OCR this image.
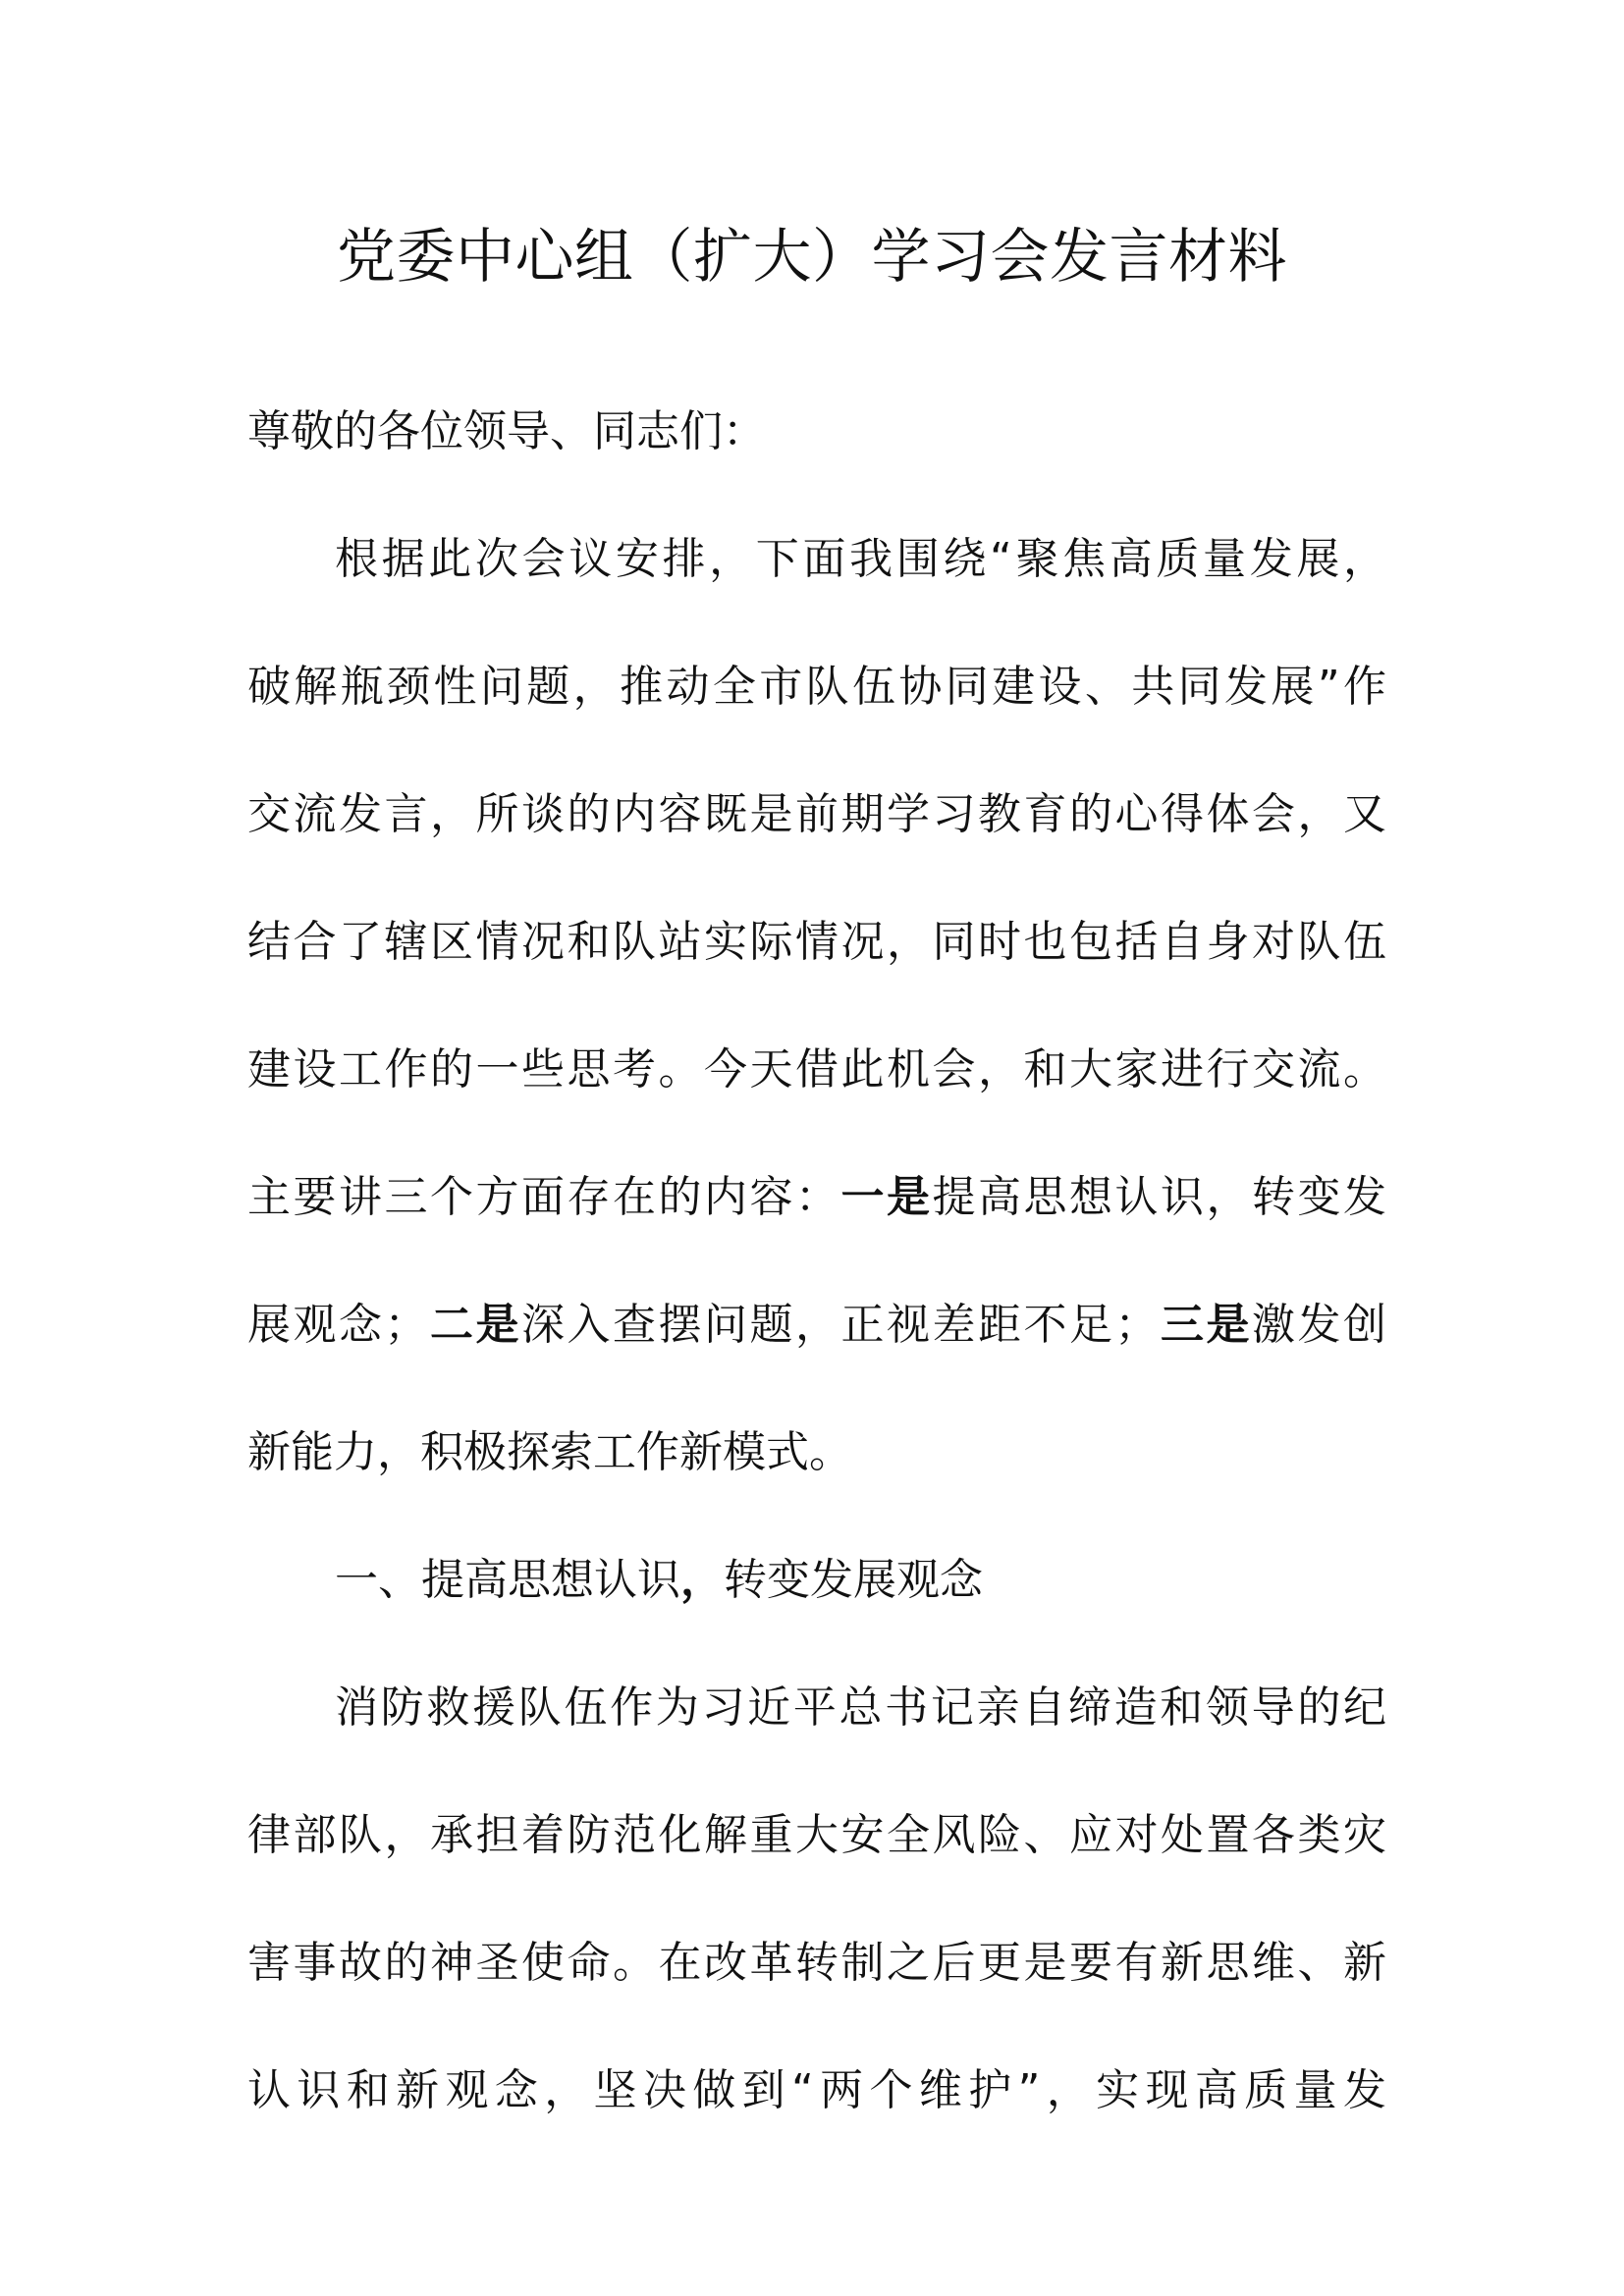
党委中心组（扩大）学习会发言材料
尊敬的各位领导、同志们：
根据此次会议安排，下面我围绕“聚焦高质量发展，
破解瓶颈性问题，推动全市队伍协同建设、共同发展”作
交流发言，所谈的内容既是前期学习教育的心得体会，又
结合了辖区情况和队站实际情况，同时也包括自身对队伍
建设工作的一些思考。今天借此机会，和大家进行交流。
主要讲三个方面存在的内容：一是提高思想认识，转变发
展观念；二是深入查摆问题，正视差距不足；三是激发创
新能力，积极探索工作新模式。
一、提高思想认识，转变发展观念
消防救援队伍作为习近平总书记亲自缔造和领导的纪
律部队，承担着防范化解重大安全风险、应对处置各类灾
害事故的神圣使命。在改革转制之后更是要有新思维、新
认识和新观念，坚决做到“两个维护”，实现高质量发
